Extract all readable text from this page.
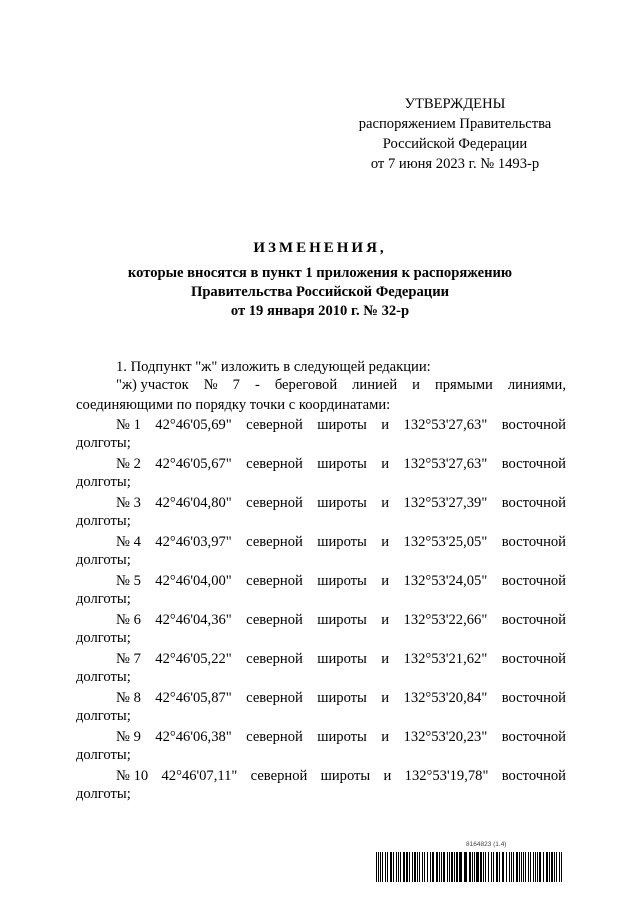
УТВЕРЖДЕНЫ
распоряжением Правительства
Российской Федерации
от 7 июня 2023 г. № 1493-р
ИЗМЕНЕНИЯ,
которые вносятся в пункт 1 приложения к распоряжению
Правительства Российской Федерации
от 19 января 2010 г. № 32-р
1. Подпункт "ж" изложить в следующей редакции:
"ж) участок № 7 - береговой линией и прямыми линиями,
соединяющими по порядку точки с координатами:
№ 1 42°46'05,69" северной широты и 132°53'27,63" восточной
долготы;
№ 2 42°46'05,67" северной широты и 132°53'27,63" восточной
долготы;
№ 3 42°46'04,80" северной широты и 132°53'27,39" восточной
долготы;
№ 4 42°46'03,97" северной широты и 132°53'25,05" восточной
долготы;
№ 5 42°46'04,00" северной широты и 132°53'24,05" восточной
долготы;
№ 6 42°46'04,36" северной широты и 132°53'22,66" восточной
долготы;
№ 7 42°46'05,22" северной широты и 132°53'21,62" восточной
долготы;
№ 8 42°46'05,87" северной широты и 132°53'20,84" восточной
долготы;
№ 9 42°46'06,38" северной широты и 132°53'20,23" восточной
долготы;
№ 10 42°46'07,11" северной широты и 132°53'19,78" восточной
долготы;
8164823 (1.4)
